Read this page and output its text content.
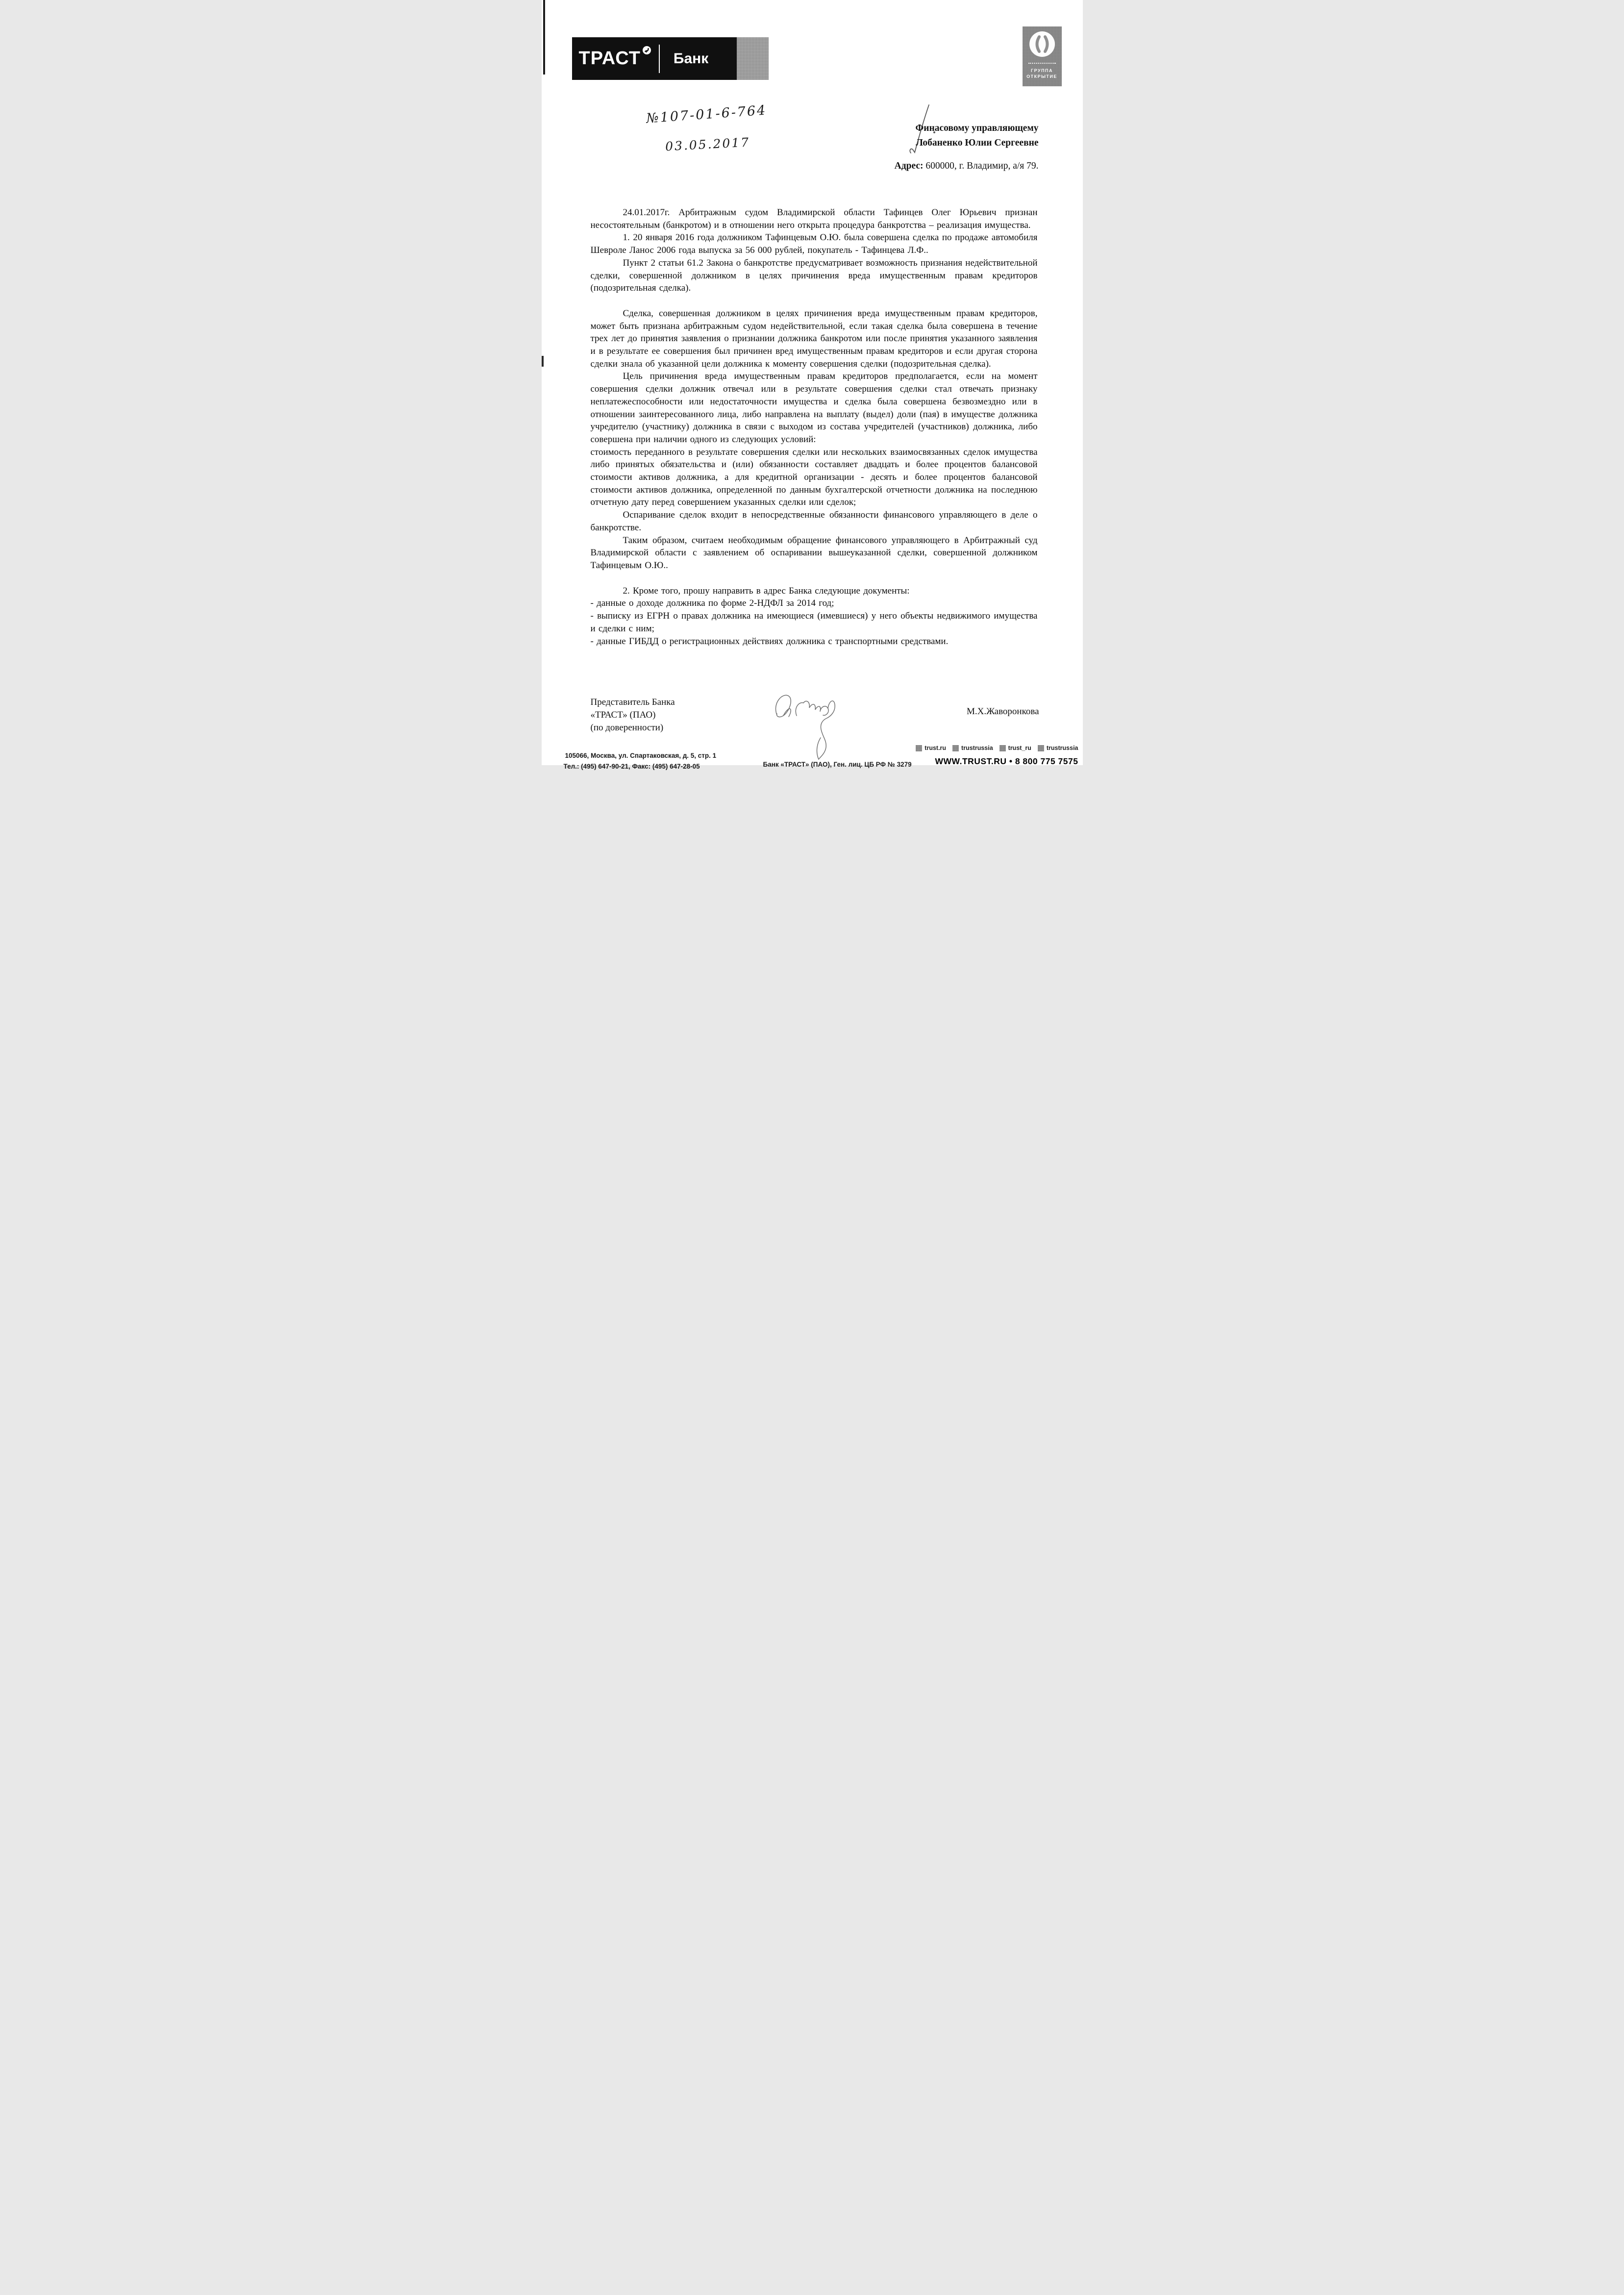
ТРАСТ Банк
ГРУППА
ОТКРЫТИЕ
№107-01-6-764
03.05.2017
Финасовому управляющему
Лобаненко Юлии Сергеевне
Адрес: 600000, г. Владимир, а/я 79.

24.01.2017г. Арбитражным судом Владимирской области Тафинцев Олег Юрьевич признан несостоятельным (банкротом) и в отношении него открыта процедура банкротства – реализация имущества.

1. 20 января 2016 года должником Тафинцевым О.Ю. была совершена сделка по продаже автомобиля Шевроле Ланос 2006 года выпуска за 56 000 рублей, покупатель - Тафинцева Л.Ф..

Пункт 2 статьи 61.2 Закона о банкротстве предусматривает возможность признания недействительной сделки, совершенной должником в целях причинения вреда имущественным правам кредиторов (подозрительная сделка).

Сделка, совершенная должником в целях причинения вреда имущественным правам кредиторов, может быть признана арбитражным судом недействительной, если такая сделка была совершена в течение трех лет до принятия заявления о признании должника банкротом или после принятия указанного заявления и в результате ее совершения был причинен вред имущественным правам кредиторов и если другая сторона сделки знала об указанной цели должника к моменту совершения сделки (подозрительная сделка).

Цель причинения вреда имущественным правам кредиторов предполагается, если на момент совершения сделки должник отвечал или в результате совершения сделки стал отвечать признаку неплатежеспособности или недостаточности имущества и сделка была совершена безвозмездно или в отношении заинтересованного лица, либо направлена на выплату (выдел) доли (пая) в имуществе должника учредителю (участнику) должника в связи с выходом из состава учредителей (участников) должника, либо совершена при наличии одного из следующих условий:

стоимость переданного в результате совершения сделки или нескольких взаимосвязанных сделок имущества либо принятых обязательства и (или) обязанности составляет двадцать и более процентов балансовой стоимости активов должника, а для кредитной организации - десять и более процентов балансовой стоимости активов должника, определенной по данным бухгалтерской отчетности должника на последнюю отчетную дату перед совершением указанных сделки или сделок;

Оспаривание сделок входит в непосредственные обязанности финансового управляющего в деле о банкротстве.

Таким образом, считаем необходимым обращение финансового управляющего в Арбитражный суд Владимирской области с заявлением об оспаривании вышеуказанной сделки, совершенной должником Тафинцевым О.Ю..

2. Кроме того, прошу направить в адрес Банка следующие документы:

- данные о доходе должника по форме 2-НДФЛ за 2014 год;

- выписку из ЕГРН о правах должника на имеющиеся (имевшиеся) у него объекты недвижимого имущества и сделки с ним;

- данные ГИБДД о регистрационных действиях должника с транспортными средствами.

Представитель Банка
«ТРАСТ» (ПАО)
(по доверенности)
М.Х.Жаворонкова
105066, Москва, ул. Спартаковская, д. 5, стр. 1
Тел.: (495) 647-90-21, Факс: (495) 647-28-05	Банк «ТРАСТ» (ПАО), Ген. лиц. ЦБ РФ № 3279
trust.ru trustrussia trust_ru trustrussia
WWW.TRUST.RU • 8 800 775 7575
